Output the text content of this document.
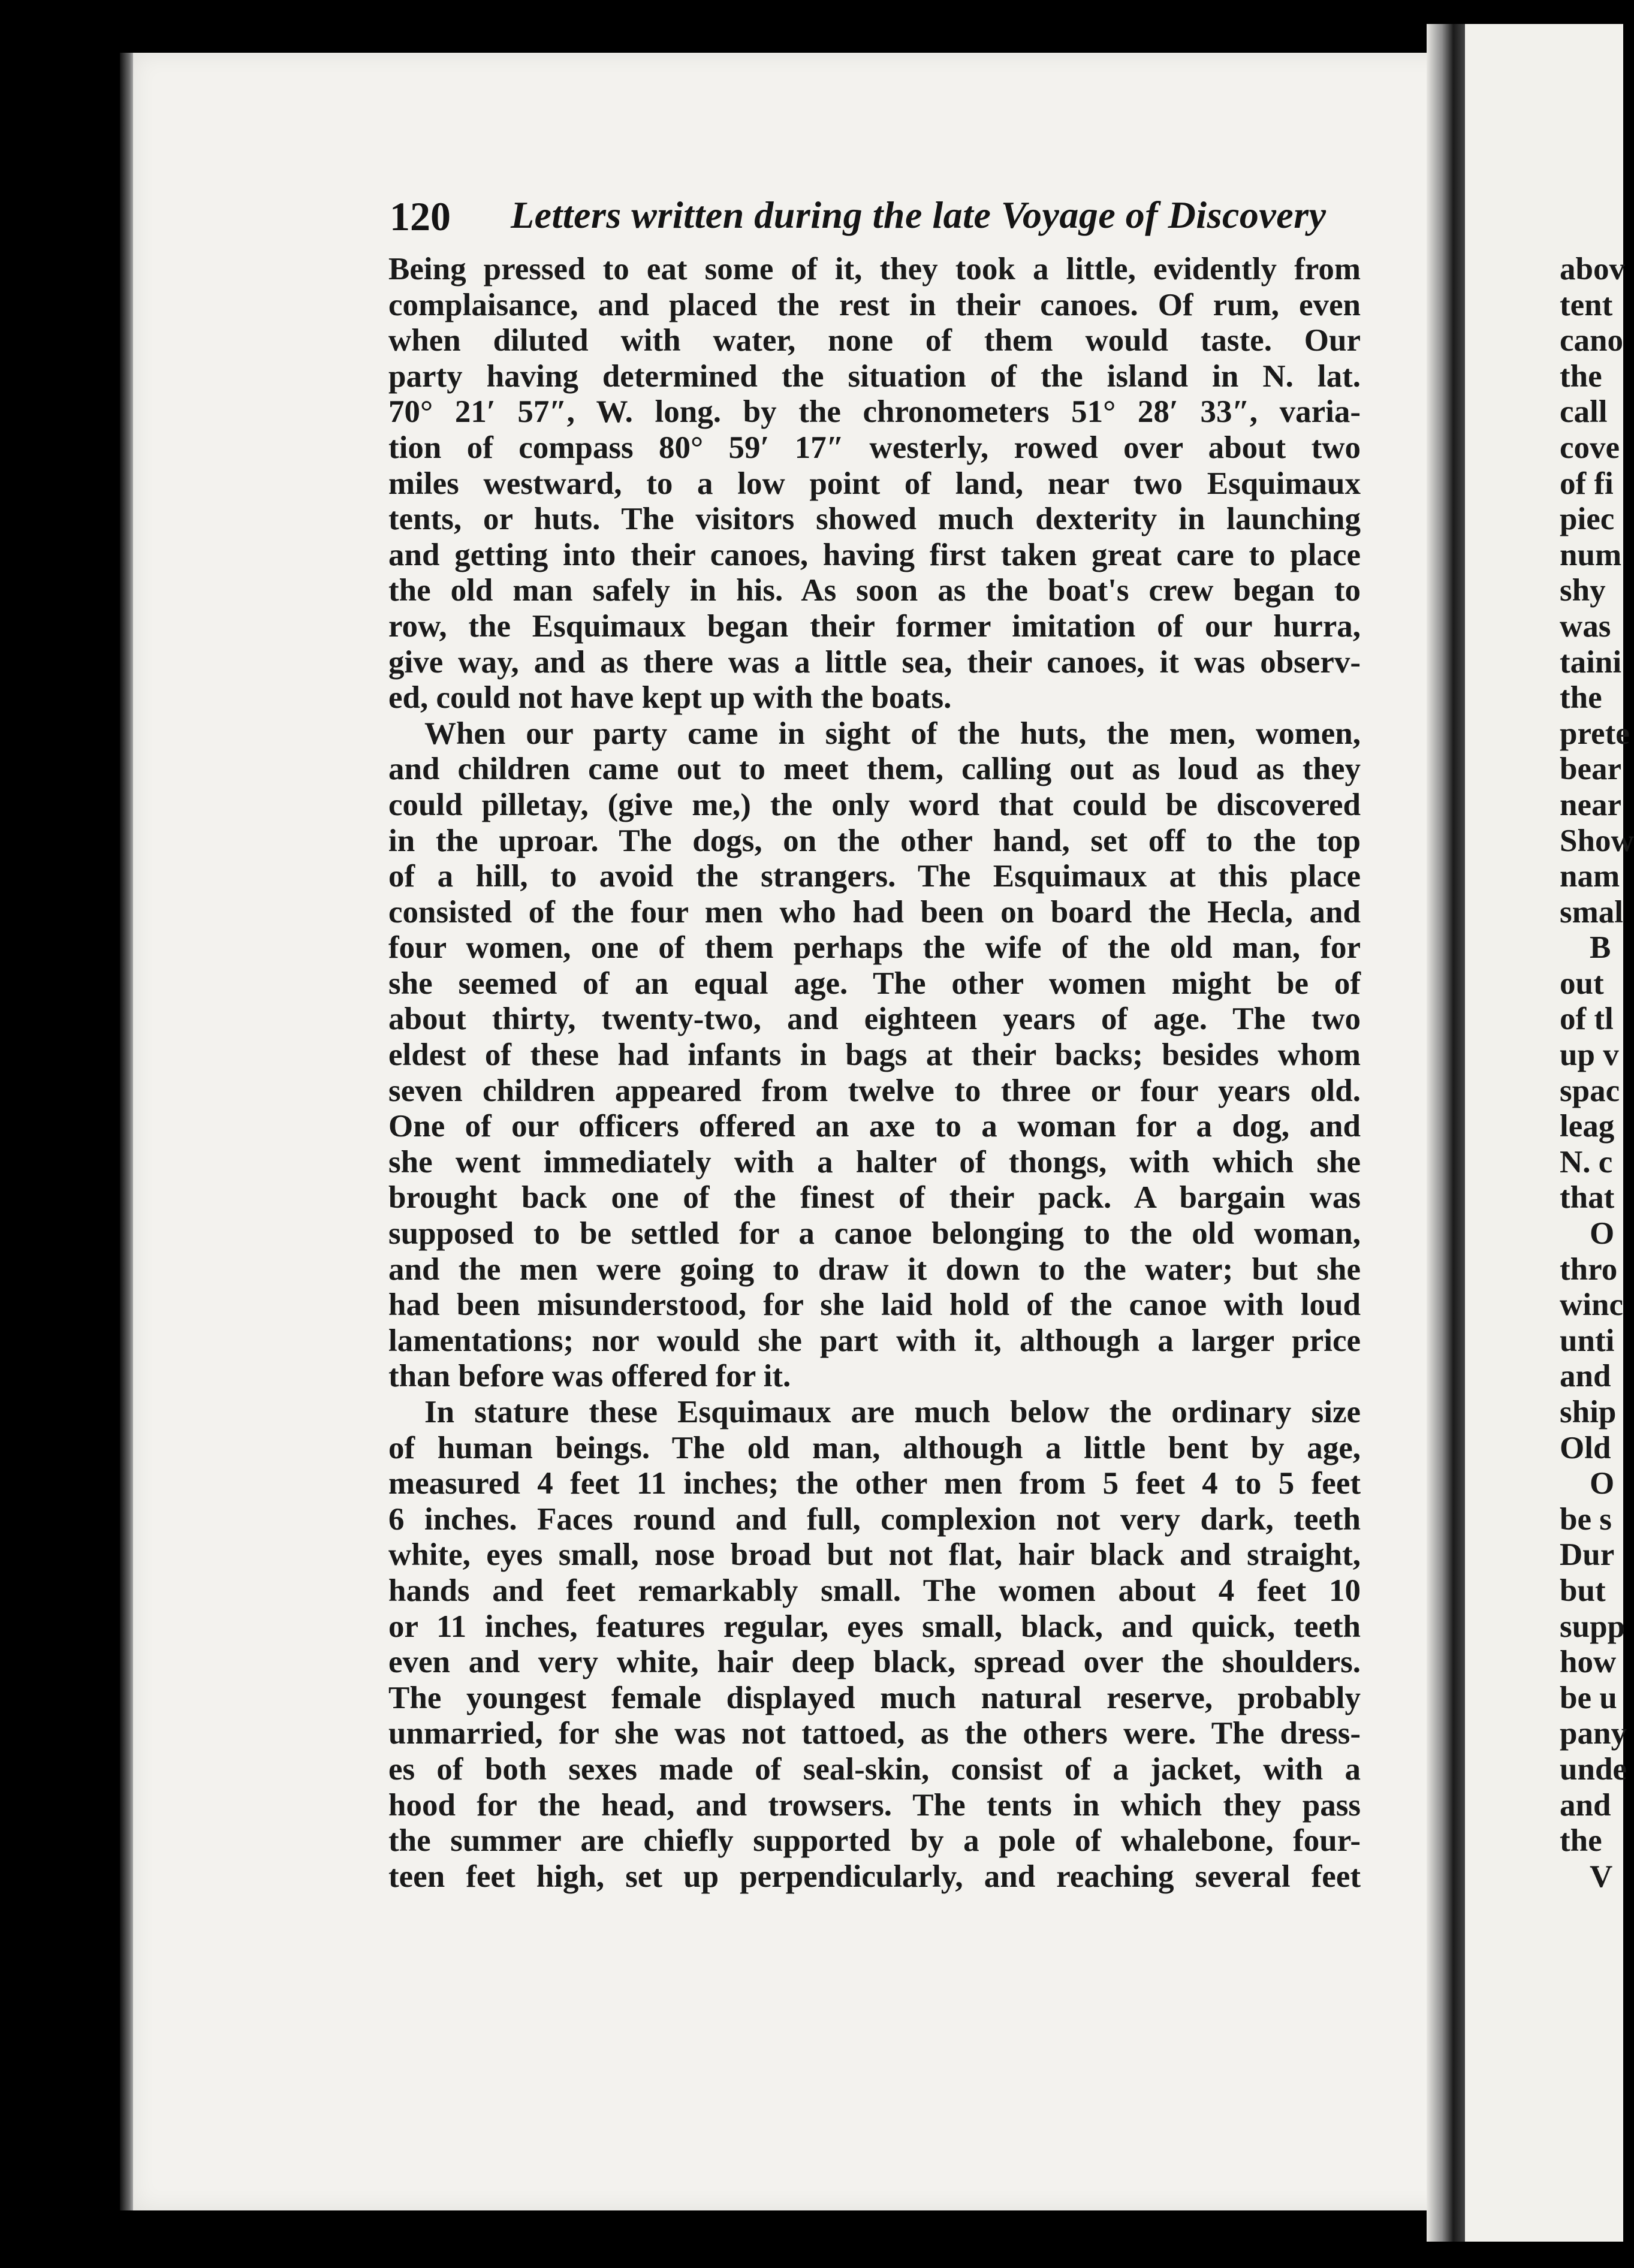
120 Letters written during the late Voyage of Discovery
Being pressed to eat some of it, they took a little, evidently from
complaisance, and placed the rest in their canoes. Of rum, even
when diluted with water, none of them would taste. Our
party having determined the situation of the island in N. lat.
70° 21′ 57″, W. long. by the chronometers 51° 28′ 33″, varia-
tion of compass 80° 59′ 17″ westerly, rowed over about two
miles westward, to a low point of land, near two Esquimaux
tents, or huts. The visitors showed much dexterity in launching
and getting into their canoes, having first taken great care to place
the old man safely in his. As soon as the boat's crew began to
row, the Esquimaux began their former imitation of our hurra,
give way, and as there was a little sea, their canoes, it was observ-
ed, could not have kept up with the boats.
When our party came in sight of the huts, the men, women,
and children came out to meet them, calling out as loud as they
could pilletay, (give me,) the only word that could be discovered
in the uproar. The dogs, on the other hand, set off to the top
of a hill, to avoid the strangers. The Esquimaux at this place
consisted of the four men who had been on board the Hecla, and
four women, one of them perhaps the wife of the old man, for
she seemed of an equal age. The other women might be of
about thirty, twenty-two, and eighteen years of age. The two
eldest of these had infants in bags at their backs; besides whom
seven children appeared from twelve to three or four years old.
One of our officers offered an axe to a woman for a dog, and
she went immediately with a halter of thongs, with which she
brought back one of the finest of their pack. A bargain was
supposed to be settled for a canoe belonging to the old woman,
and the men were going to draw it down to the water; but she
had been misunderstood, for she laid hold of the canoe with loud
lamentations; nor would she part with it, although a larger price
than before was offered for it.
In stature these Esquimaux are much below the ordinary size
of human beings. The old man, although a little bent by age,
measured 4 feet 11 inches; the other men from 5 feet 4 to 5 feet
6 inches. Faces round and full, complexion not very dark, teeth
white, eyes small, nose broad but not flat, hair black and straight,
hands and feet remarkably small. The women about 4 feet 10
or 11 inches, features regular, eyes small, black, and quick, teeth
even and very white, hair deep black, spread over the shoulders.
The youngest female displayed much natural reserve, probably
unmarried, for she was not tattoed, as the others were. The dress-
es of both sexes made of seal-skin, consist of a jacket, with a
hood for the head, and trowsers. The tents in which they pass
the summer are chiefly supported by a pole of whalebone, four-
teen feet high, set up perpendicularly, and reaching several feet
abov
tent
cano
the
call
cove
of fi
piec
num
shy
was
taini
the
prete
bear
near
Show
nam
smal
B
out
of tl
up v
spac
leag
N. c
that
O
thro
winc
unti
and
ship
Old
O
be s
Dur
but
supp
how
be u
pany
unde
and
the
V
